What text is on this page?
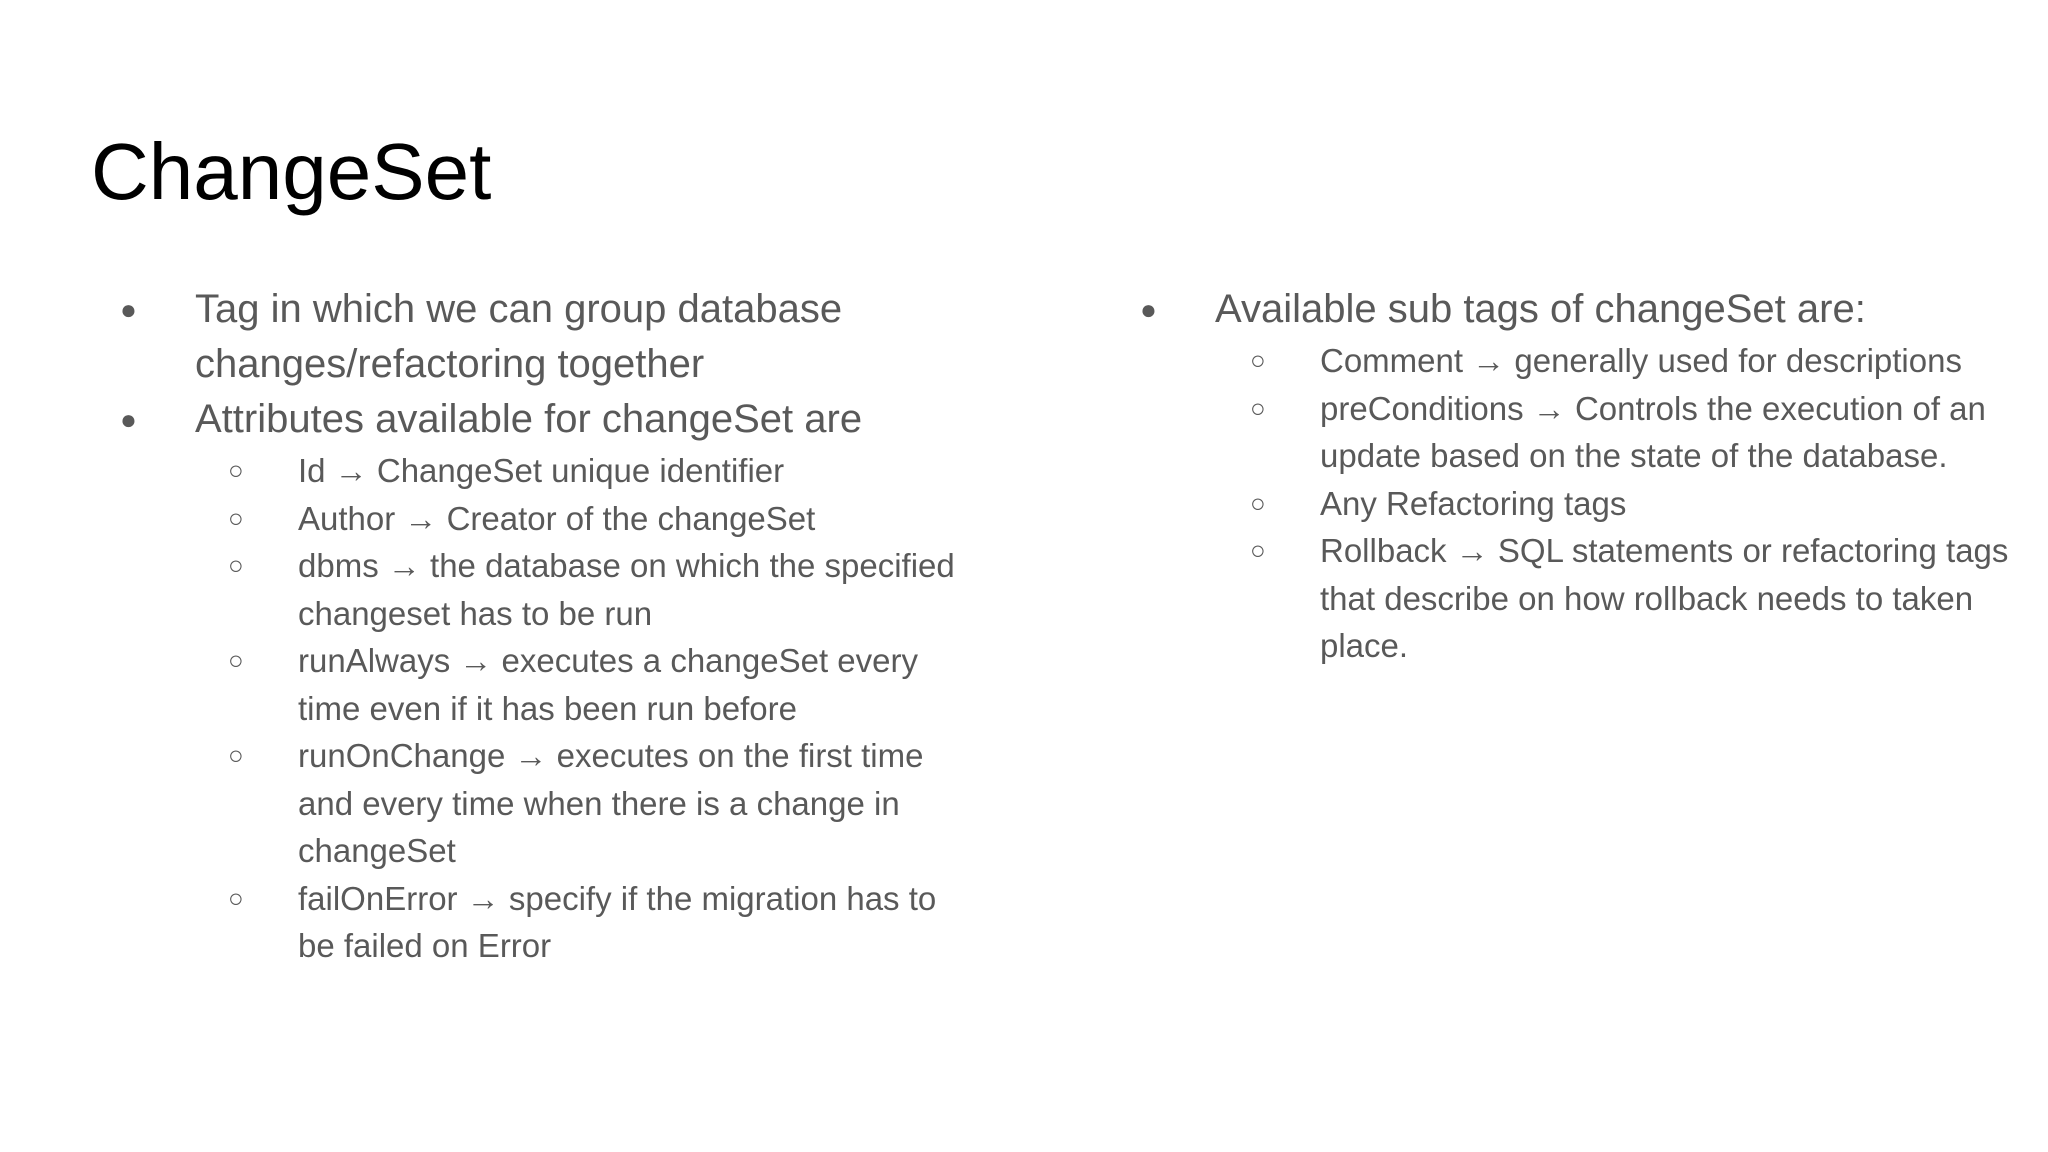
ChangeSet
● Tag in which we can group database changes/refactoring together
● Attributes available for changeSet are
○ Id → ChangeSet unique identifier
○ Author → Creator of the changeSet
○ dbms → the database on which the specified changeset has to be run
○ runAlways → executes a changeSet every time even if it has been run before
○ runOnChange → executes on the first time and every time when there is a change in changeSet
○ failOnError → specify if the migration has to be failed on Error
● Available sub tags of changeSet are:
○ Comment → generally used for descriptions
○ preConditions → Controls the execution of an update based on the state of the database.
○ Any Refactoring tags
○ Rollback → SQL statements or refactoring tags that describe on how rollback needs to taken place.
